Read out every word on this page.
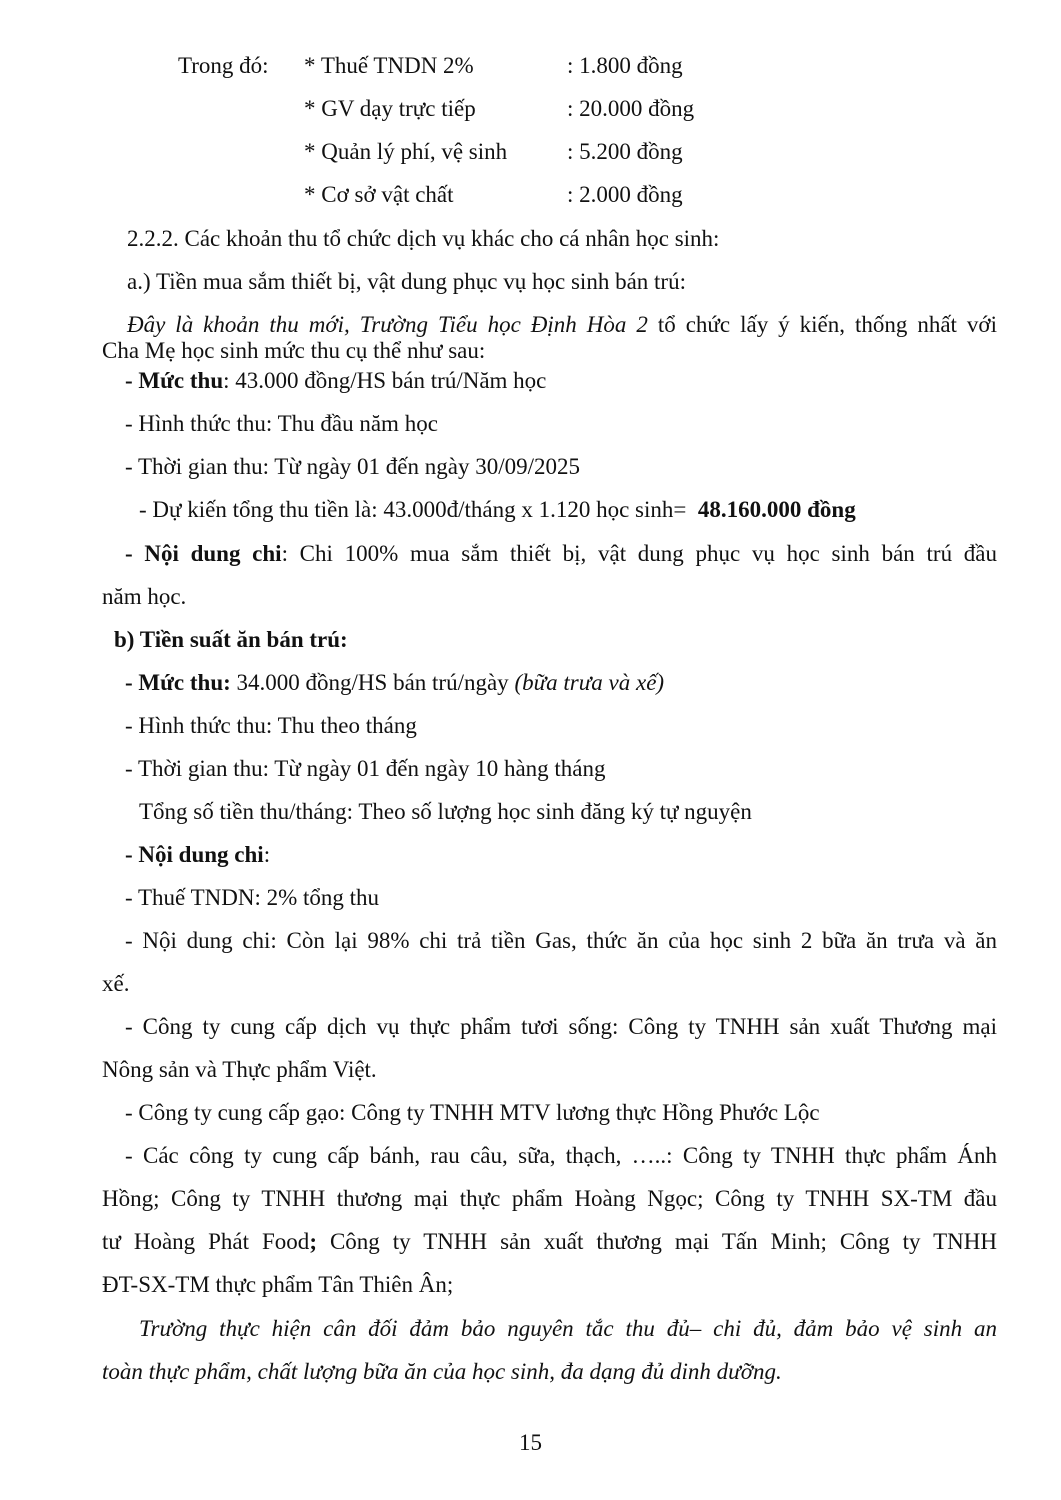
Trong đó: * Thuế TNDN 2%	: 1.800 đồng
* GV dạy trực tiếp	: 20.000 đồng
* Quản lý phí, vệ sinh	: 5.200 đồng
* Cơ sở vật chất	: 2.000 đồng
2.2.2. Các khoản thu tổ chức dịch vụ khác cho cá nhân học sinh:
a.) Tiền mua sắm thiết bị, vật dung phục vụ học sinh bán trú:
Đây là khoản thu mới, Trường Tiểu học Định Hòa 2 tổ chức lấy ý kiến, thống nhất với
Cha Mẹ học sinh mức thu cụ thể như sau:
- Mức thu: 43.000 đồng/HS bán trú/Năm học
- Hình thức thu: Thu đầu năm học
- Thời gian thu: Từ ngày 01 đến ngày 30/09/2025
- Dự kiến tổng thu tiền là: 43.000đ/tháng x 1.120 học sinh= 48.160.000 đồng
- Nội dung chi: Chi 100% mua sắm thiết bị, vật dung phục vụ học sinh bán trú đầu
năm học.
b) Tiền suất ăn bán trú:
- Mức thu: 34.000 đồng/HS bán trú/ngày (bữa trưa và xế)
- Hình thức thu: Thu theo tháng
- Thời gian thu: Từ ngày 01 đến ngày 10 hàng tháng
Tổng số tiền thu/tháng: Theo số lượng học sinh đăng ký tự nguyện
- Nội dung chi:
- Thuế TNDN: 2% tổng thu
- Nội dung chi: Còn lại 98% chi trả tiền Gas, thức ăn của học sinh 2 bữa ăn trưa và ăn
xế.
- Công ty cung cấp dịch vụ thực phẩm tươi sống: Công ty TNHH sản xuất Thương mại
Nông sản và Thực phẩm Việt.
- Công ty cung cấp gạo: Công ty TNHH MTV lương thực Hồng Phước Lộc
- Các công ty cung cấp bánh, rau câu, sữa, thạch, …..: Công ty TNHH thực phẩm Ánh
Hồng; Công ty TNHH thương mại thực phẩm Hoàng Ngọc; Công ty TNHH SX-TM đầu
tư Hoàng Phát Food; Công ty TNHH sản xuất thương mại Tấn Minh; Công ty TNHH
ĐT-SX-TM thực phẩm Tân Thiên Ân;
Trường thực hiện cân đối đảm bảo nguyên tắc thu đủ– chi đủ, đảm bảo vệ sinh an
toàn thực phẩm, chất lượng bữa ăn của học sinh, đa dạng đủ dinh dưỡng.
15
